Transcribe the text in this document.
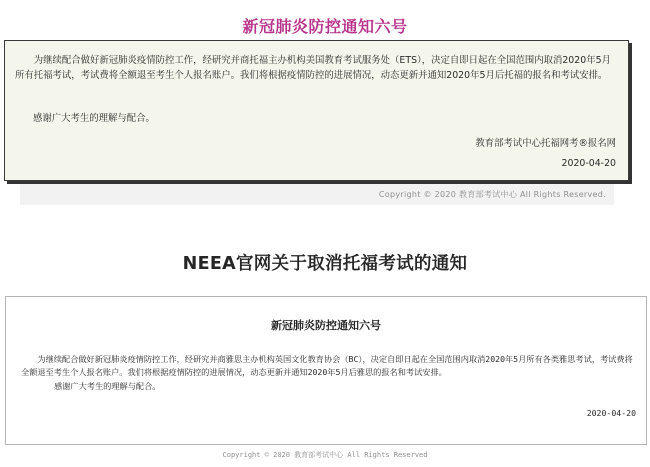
新冠肺炎防控通知六号

为继续配合做好新冠肺炎疫情防控工作，经研究并商托福主办机构美国教育考试服务处（ETS），决定自即日起在全国范围内取消2020年5月所有托福考试，考试费将全额退至考生个人报名账户。我们将根据疫情防控的进展情况，动态更新并通知2020年5月后托福的报名和考试安排。

感谢广大考生的理解与配合。

教育部考试中心托福网考®报名网

2020-04-20

Copyright © 2020 教育部考试中心 All Rights Reserved.

NEEA官网关于取消托福考试的通知

新冠肺炎防控通知六号

为继续配合做好新冠肺炎疫情防控工作，经研究并商雅思主办机构英国文化教育协会（BC），决定自即日起在全国范围内取消2020年5月所有各类雅思考试，考试费将全额退至考生个人报名账户。我们将根据疫情防控的进展情况，动态更新并通知2020年5月后雅思的报名和考试安排。

感谢广大考生的理解与配合。

2020-04-20

Copyright © 2020 教育部考试中心 All Rights Reserved
